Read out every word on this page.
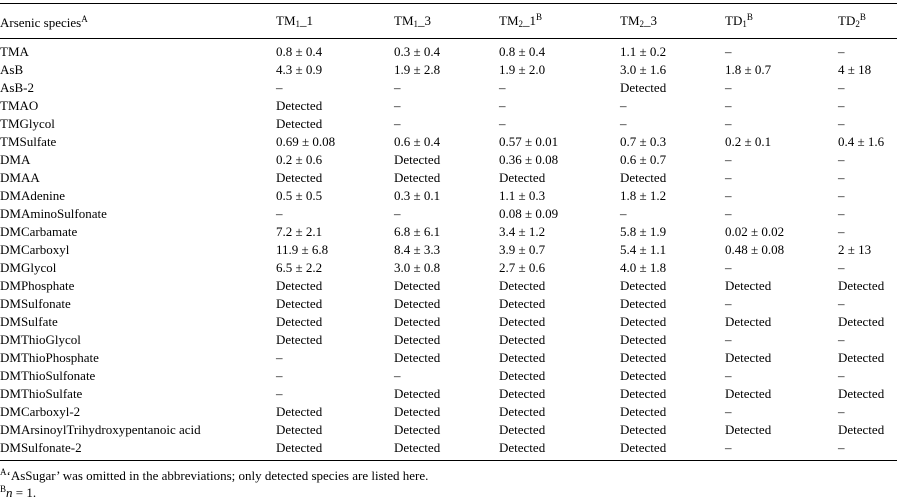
Arsenic species$^A$	$TM_1\_1$	$TM_1\_3$	$TM_2\_1^B$	$TM_2\_3$	$TD_1^B$	$TD_2^B$
TMA	0.8 ± 0.4	0.3 ± 0.4	0.8 ± 0.4	1.1 ± 0.2	–	–
AsB	4.3 ± 0.9	1.9 ± 2.8	1.9 ± 2.0	3.0 ± 1.6	1.8 ± 0.7	4 ± 18
AsB-2	–	–	–	Detected	–	–
TMAO	Detected	–	–	–	–	–
TMGlycol	Detected	–	–	–	–	–
TMSulfate	0.69 ± 0.08	0.6 ± 0.4	0.57 ± 0.01	0.7 ± 0.3	0.2 ± 0.1	0.4 ± 1.6
DMA	0.2 ± 0.6	Detected	0.36 ± 0.08	0.6 ± 0.7	–	–
DMAA	Detected	Detected	Detected	Detected	–	–
DMAdenine	0.5 ± 0.5	0.3 ± 0.1	1.1 ± 0.3	1.8 ± 1.2	–	–
DMAminoSulfonate	–	–	0.08 ± 0.09	–	–	–
DMCarbamate	7.2 ± 2.1	6.8 ± 6.1	3.4 ± 1.2	5.8 ± 1.9	0.02 ± 0.02	–
DMCarboxyl	11.9 ± 6.8	8.4 ± 3.3	3.9 ± 0.7	5.4 ± 1.1	0.48 ± 0.08	2 ± 13
DMGlycol	6.5 ± 2.2	3.0 ± 0.8	2.7 ± 0.6	4.0 ± 1.8	–	–
DMPhosphate	Detected	Detected	Detected	Detected	Detected	Detected
DMSulfonate	Detected	Detected	Detected	Detected	–	–
DMSulfate	Detected	Detected	Detected	Detected	Detected	Detected
DMThioGlycol	Detected	Detected	Detected	Detected	–	–
DMThioPhosphate	–	Detected	Detected	Detected	Detected	Detected
DMThioSulfonate	–	–	Detected	Detected	–	–
DMThioSulfate	–	Detected	Detected	Detected	Detected	Detected
DMCarboxyl-2	Detected	Detected	Detected	Detected	–	–
DMArsinoylTrihydroxypentanoic acid	Detected	Detected	Detected	Detected	Detected	Detected
DMSulfonate-2	Detected	Detected	Detected	Detected	–	–
$^A$‘AsSugar’ was omitted in the abbreviations; only detected species are listed here.
$^B$n = 1.
